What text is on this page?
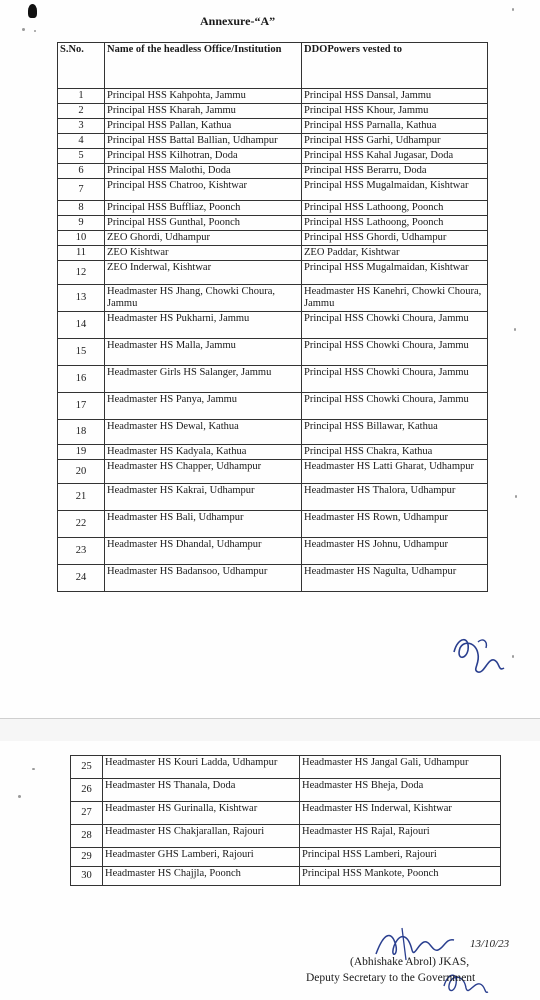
Annexure-“A”
S.No.	Name of the headless Office/Institution	DDOPowers vested to
1	Principal HSS Kahpohta, Jammu	Principal HSS Dansal, Jammu
2	Principal HSS Kharah, Jammu	Principal HSS Khour, Jammu
3	Principal HSS Pallan, Kathua	Principal HSS Parnalla, Kathua
4	Principal HSS Battal Ballian, Udhampur	Principal HSS Garhi, Udhampur
5	Principal HSS Kilhotran, Doda	Principal HSS Kahal Jugasar, Doda
6	Principal HSS Malothi, Doda	Principal HSS Berarru, Doda
7	Principal HSS Chatroo, Kishtwar	Principal HSS Mugalmaidan, Kishtwar
8	Principal HSS Buffliaz, Poonch	Principal HSS Lathoong, Poonch
9	Principal HSS Gunthal, Poonch	Principal HSS Lathoong, Poonch
10	ZEO Ghordi, Udhampur	Principal HSS Ghordi, Udhampur
11	ZEO Kishtwar	ZEO Paddar, Kishtwar
12	ZEO Inderwal, Kishtwar	Principal HSS Mugalmaidan, Kishtwar
13	Headmaster HS Jhang, Chowki Choura, Jammu	Headmaster HS Kanehri, Chowki Choura, Jammu
14	Headmaster HS Pukharni, Jammu	Principal HSS Chowki Choura, Jammu
15	Headmaster HS Malla, Jammu	Principal HSS Chowki Choura, Jammu
16	Headmaster Girls HS Salanger, Jammu	Principal HSS Chowki Choura, Jammu
17	Headmaster HS Panya, Jammu	Principal HSS Chowki Choura, Jammu
18	Headmaster HS Dewal, Kathua	Principal HSS Billawar, Kathua
19	Headmaster HS Kadyala, Kathua	Principal HSS Chakra, Kathua
20	Headmaster HS Chapper, Udhampur	Headmaster HS Latti Gharat, Udhampur
21	Headmaster HS Kakrai, Udhampur	Headmaster HS Thalora, Udhampur
22	Headmaster HS Bali, Udhampur	Headmaster HS Rown, Udhampur
23	Headmaster HS Dhandal, Udhampur	Headmaster HS Johnu, Udhampur
24	Headmaster HS Badansoo, Udhampur	Headmaster HS Nagulta, Udhampur
25	Headmaster HS Kouri Ladda, Udhampur	Headmaster HS Jangal Gali, Udhampur
26	Headmaster HS Thanala, Doda	Headmaster HS Bheja, Doda
27	Headmaster HS Gurinalla, Kishtwar	Headmaster HS Inderwal, Kishtwar
28	Headmaster HS Chakjarallan, Rajouri	Headmaster HS Rajal, Rajouri
29	Headmaster GHS Lamberi, Rajouri	Principal HSS Lamberi, Rajouri
30	Headmaster HS Chajjla, Poonch	Principal HSS Mankote, Poonch
13/10/23
(Abhishake Abrol) JKAS,
Deputy Secretary to the Government
